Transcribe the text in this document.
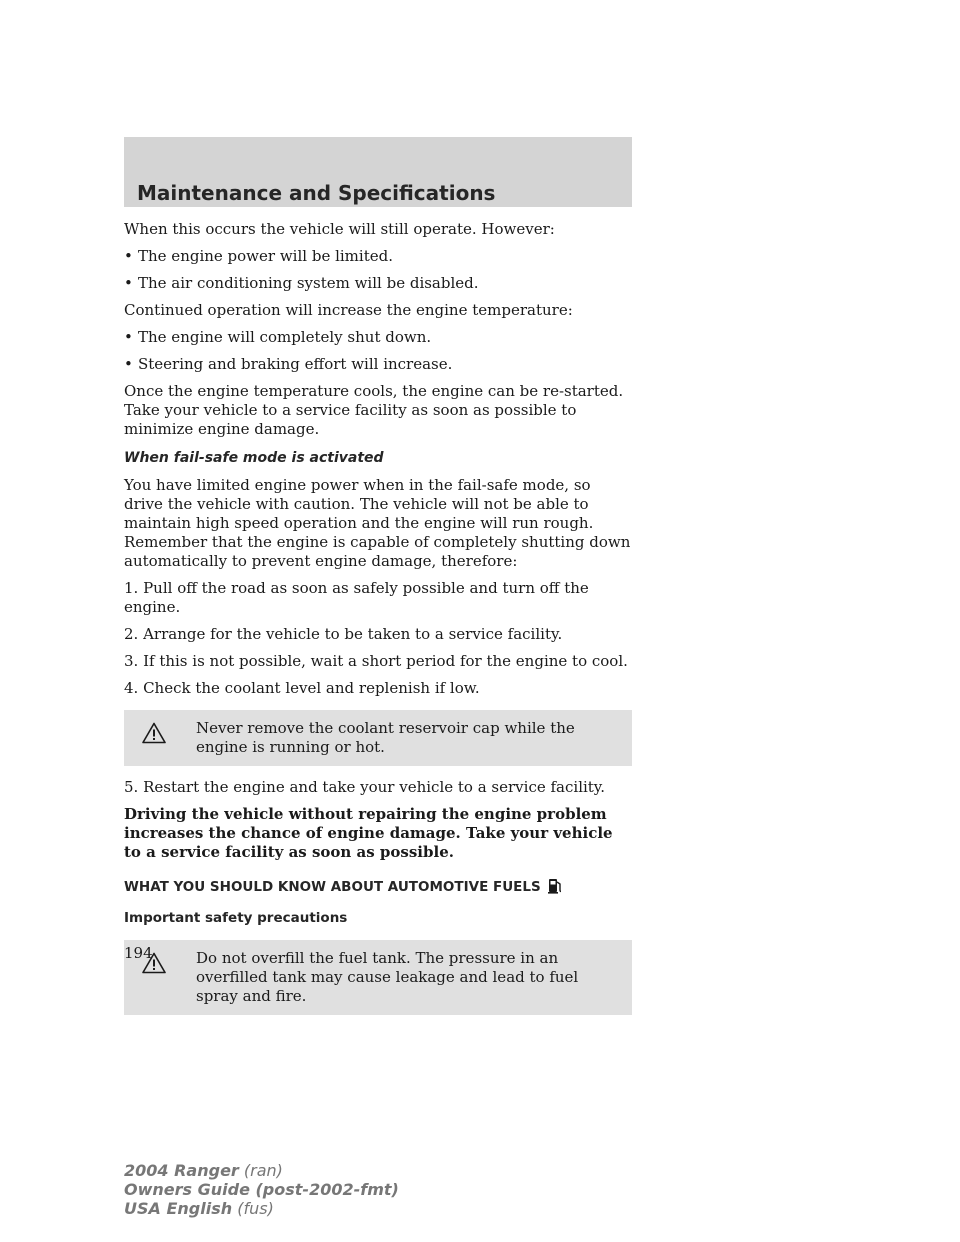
Maintenance and Specifications

When this occurs the vehicle will still operate. However:

• The engine power will be limited.
• The air conditioning system will be disabled.

Continued operation will increase the engine temperature:

• The engine will completely shut down.
• Steering and braking effort will increase.

Once the engine temperature cools, the engine can be re-started. Take your vehicle to a service facility as soon as possible to minimize engine damage.

When fail-safe mode is activated

You have limited engine power when in the fail-safe mode, so drive the vehicle with caution. The vehicle will not be able to maintain high speed operation and the engine will run rough. Remember that the engine is capable of completely shutting down automatically to prevent engine damage, therefore:

1. Pull off the road as soon as safely possible and turn off the engine.

2. Arrange for the vehicle to be taken to a service facility.

3. If this is not possible, wait a short period for the engine to cool.

4. Check the coolant level and replenish if low.

Never remove the coolant reservoir cap while the engine is running or hot.

5. Restart the engine and take your vehicle to a service facility.

Driving the vehicle without repairing the engine problem increases the chance of engine damage. Take your vehicle to a service facility as soon as possible.

WHAT YOU SHOULD KNOW ABOUT AUTOMOTIVE FUELS
Important safety precautions
Do not overfill the fuel tank. The pressure in an overfilled tank may cause leakage and lead to fuel spray and fire.
194
2004 Ranger (ran)
Owners Guide (post-2002-fmt)
USA English (fus)
